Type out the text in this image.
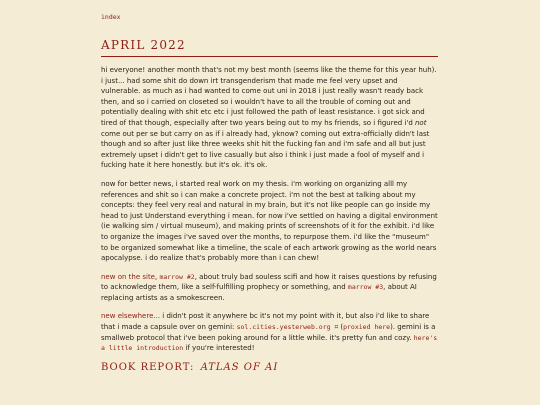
index
APRIL 2022

hi everyone! another month that's not my best month (seems like the theme for this year huh). i just... had some shit do down irt transgenderism that made me feel very upset and vulnerable. as much as i had wanted to come out uni in 2018 i just really wasn't ready back then, and so i carried on closeted so i wouldn't have to all the trouble of coming out and potentially dealing with shit etc etc i just followed the path of least resistance. i got sick and tired of that though, especially after two years being out to my hs friends, so i figured i'd not come out per se but carry on as if i already had, yknow? coming out extra-officially didn't last though and so after just like three weeks shit hit the fucking fan and i'm safe and all but just extremely upset i didn't get to live casually but also i think i just made a fool of myself and i fucking hate it here honestly. but it's ok. it's ok.

now for better news, i started real work on my thesis. i'm working on organizing alll my references and shit so i can make a concrete project. i'm not the best at talking about my concepts: they feel very real and natural in my brain, but it's not like people can go inside my head to just Understand everything i mean. for now i've settled on having a digital environment (ie walking sim / virtual museum), and making prints of screenshots of it for the exhibit. i'd like to organize the images i've saved over the months, to repurpose them. i'd like the "museum" to be organized somewhat like a timeline, the scale of each artwork growing as the world nears apocalypse. i do realize that's probably more than i can chew!

new on the site, marrow #2, about truly bad souless scifi and how it raises questions by refusing to acknowledge them, like a self-fulfilling prophecy or something, and marrow #3, about AI replacing artists as a smokescreen.

new elsewhere... i didn't post it anywhere bc it's not my point with it, but also i'd like to share that i made a capsule over on gemini: sol.cities.yesterweb.org ⌗ (proxied here). gemini is a smallweb protocol that i've been poking around for a little while. it's pretty fun and cozy. here's a little introduction if you're interested!

BOOK REPORT: ATLAS OF AI
